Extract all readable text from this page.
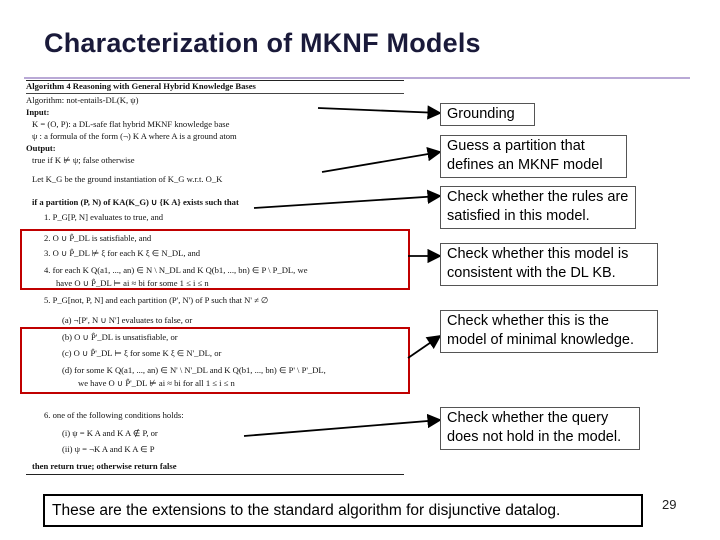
Characterization of MKNF Models
Algorithm 4 Reasoning with General Hybrid Knowledge Bases
Algorithm: not-entails-DL(K, ψ)
Input:
K = (O, P): a DL-safe flat hybrid MKNF knowledge base
ψ : a formula of the form (¬) K A where A is a ground atom
Output:
true if K ⊭ ψ; false otherwise
Let K_G be the ground instantiation of K_G w.r.t. O_K
if a partition (P, N) of KA(K_G) ∪ {K A} exists such that
1. P_G[P, N] evaluates to true, and
2. O ∪ P̂_DL is satisfiable, and
3. O ∪ P̂_DL ⊭ ξ for each K ξ ∈ N_DL, and
4. for each K Q(a1, ..., an) ∈ N \ N_DL and K Q(b1, ..., bn) ∈ P \ P_DL, we
have O ∪ P̂_DL ⊨ ai ≈ bi for some 1 ≤ i ≤ n
5. P_G[not, P, N] and each partition (P', N') of P such that N' ≠ ∅
(a) ¬[P', N ∪ N'] evaluates to false, or
(b) O ∪ P̂'_DL is unsatisfiable, or
(c) O ∪ P̂'_DL ⊨ ξ for some K ξ ∈ N'_DL, or
(d) for some K Q(a1, ..., an) ∈ N' \ N'_DL and K Q(b1, ..., bn) ∈ P' \ P'_DL,
we have O ∪ P̂'_DL ⊭ ai ≈ bi for all 1 ≤ i ≤ n
6. one of the following conditions holds:
(i) ψ = K A and K A ∉ P, or
(ii) ψ = ¬K A and K A ∈ P
then return true; otherwise return false
Grounding
Guess a partition that defines an MKNF model
Check whether the rules are satisfied in this model.
Check whether this model is consistent with the DL KB.
Check whether this is the model of minimal knowledge.
Check whether the query does not hold in the model.
These are the extensions to the standard algorithm for disjunctive datalog.	29
